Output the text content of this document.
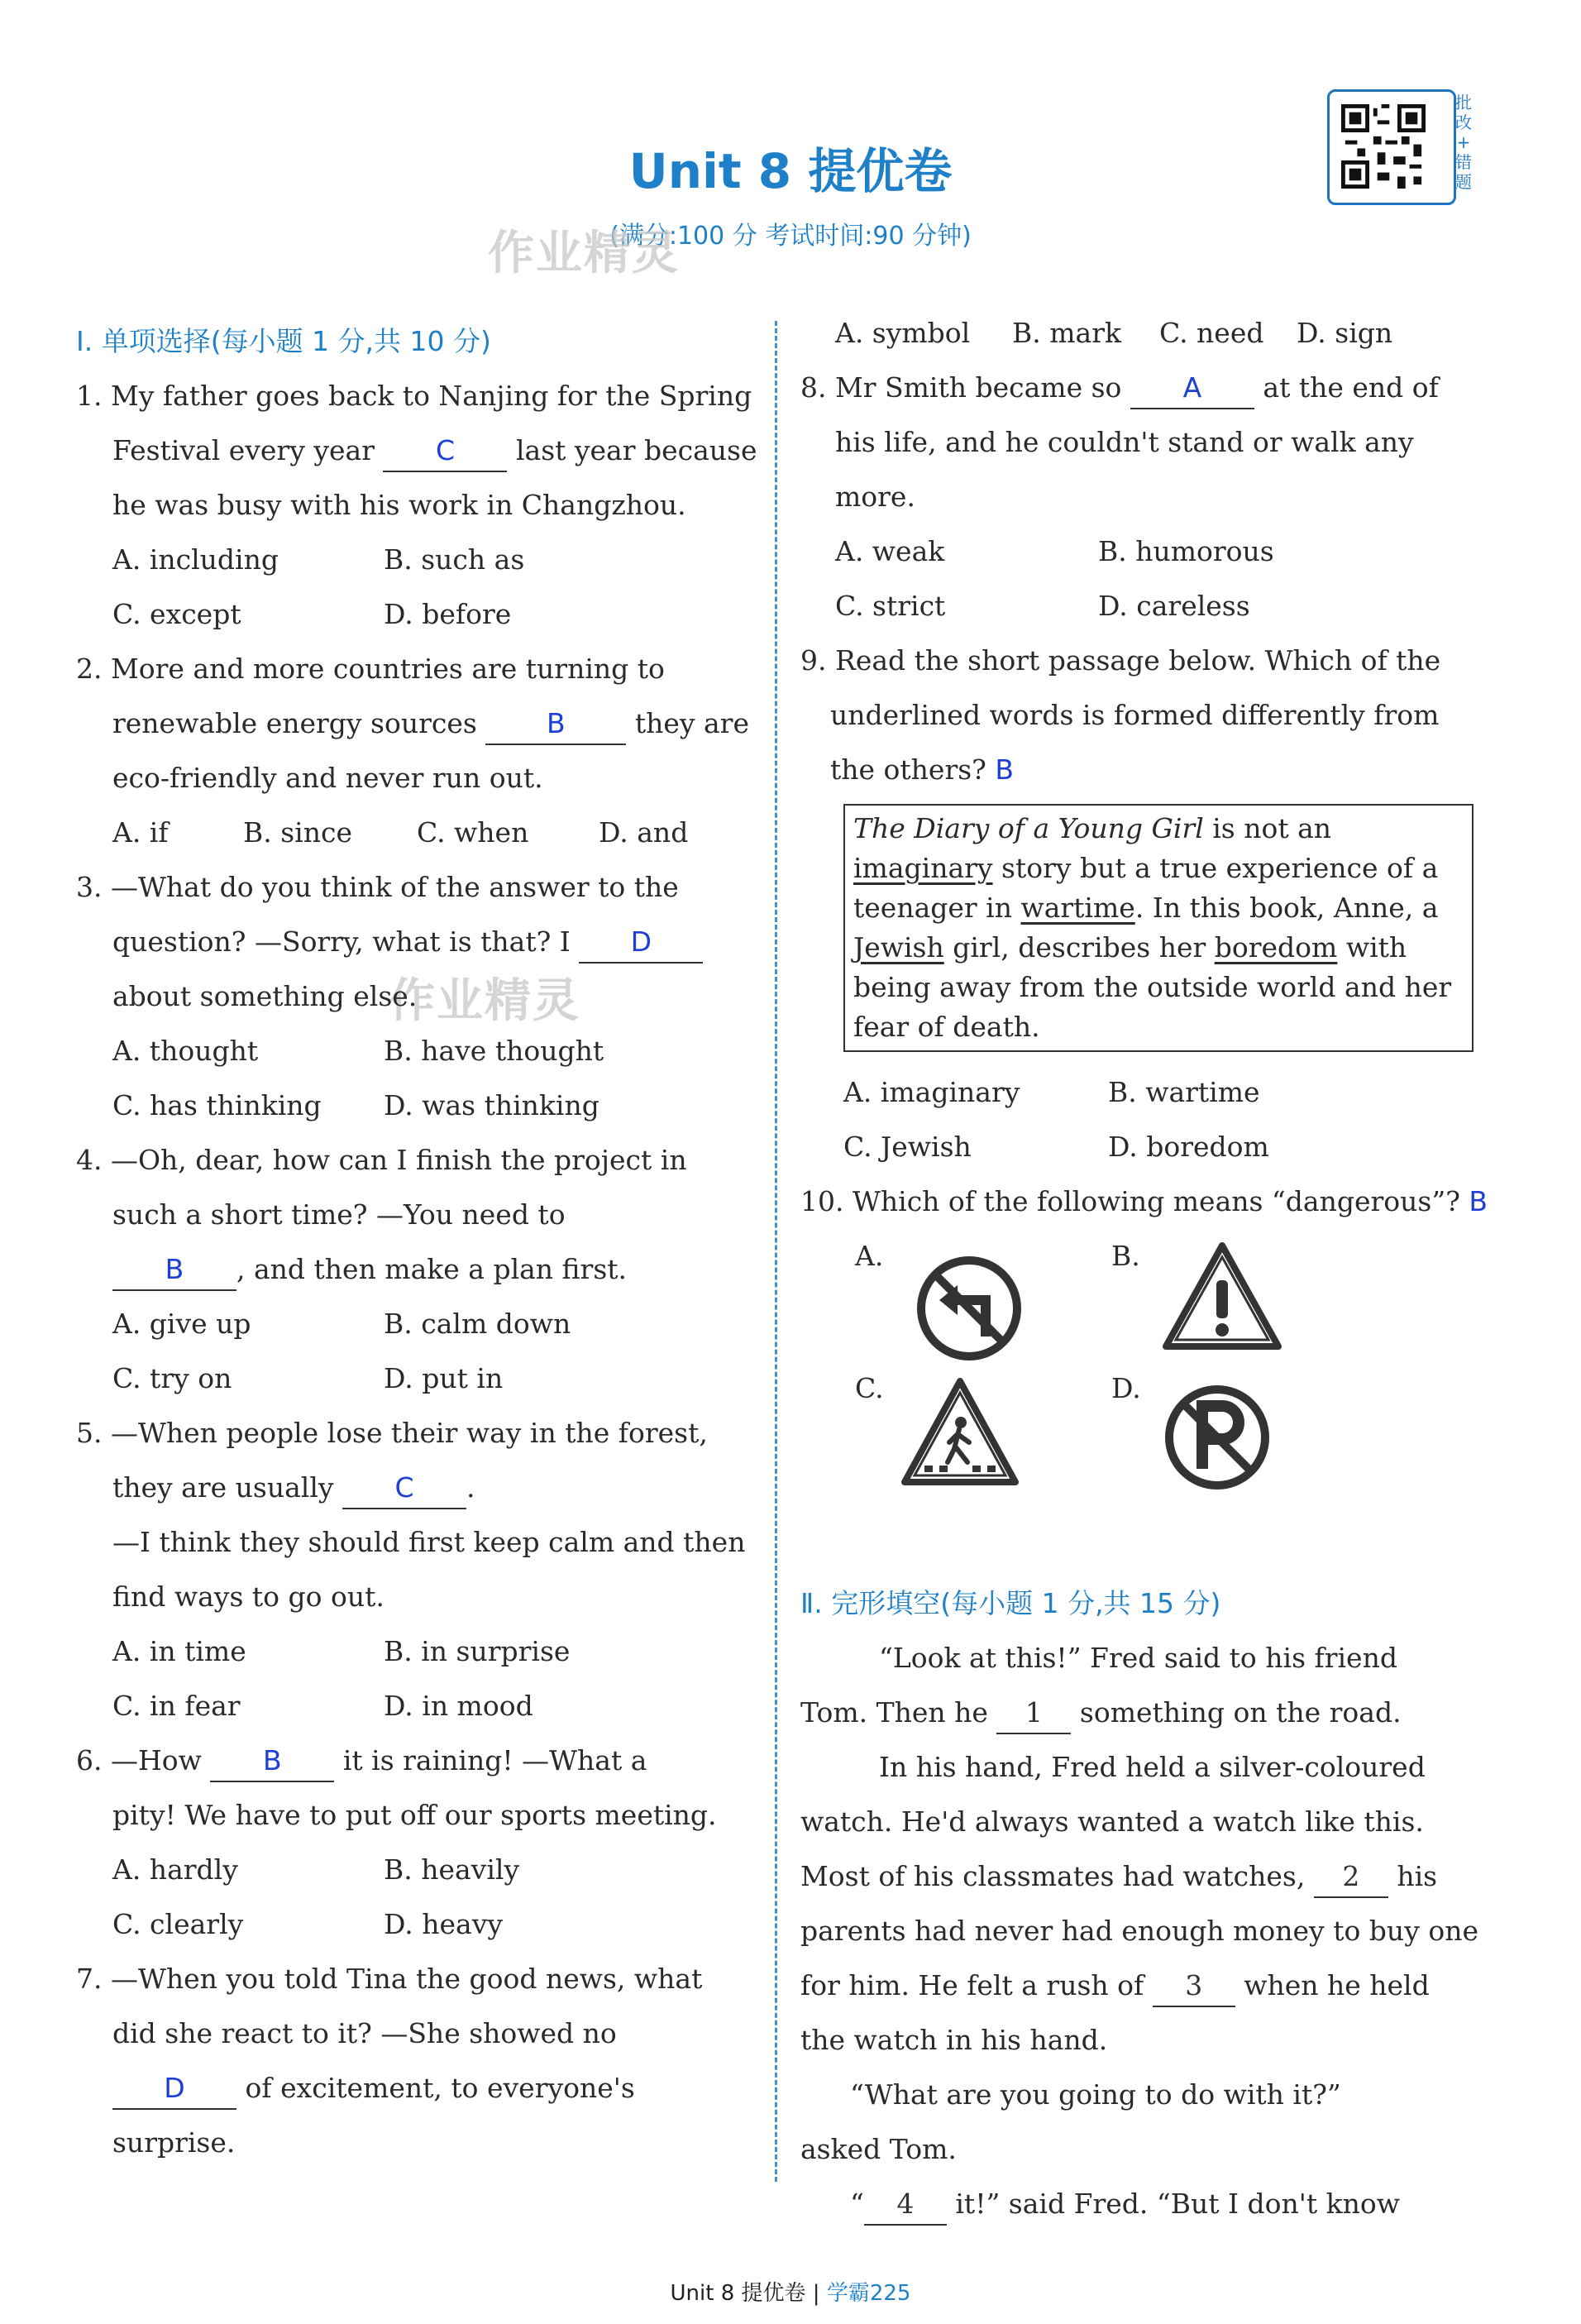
批
改
+
错
题
Unit 8 提优卷
(满分:100 分 考试时间:90 分钟)
作业精灵
作业精灵
Ⅰ. 单项选择(每小题 1 分,共 10 分)
1. My father goes back to Nanjing for the Spring
Festival every year C last year because
he was busy with his work in Changzhou.
A. including	B. such as
C. except	D. before
2. More and more countries are turning to
renewable energy sources	B	they are
eco-friendly and never run out.
A. if	B. since C. when	D. and
3. —What do you think of the answer to the
question? —Sorry, what is that? I D
about something else.
A. thought	B. have thought
C. has thinking D. was thinking
4. —Oh, dear, how can I finish the project in
such a short time? —You need to
B , and then make a plan first.
A. give up	B. calm down
C. try on	D. put in
5. —When people lose their way in the forest,
they are usually C .
—I think they should first keep calm and then
find ways to go out.
A. in time	B. in surprise
C. in fear	D. in mood
6. —How B it is raining! —What a
pity! We have to put off our sports meeting.
A. hardly	B. heavily
C. clearly	D. heavy
7. —When you told Tina the good news, what
did she react to it? —She showed no
D of excitement, to everyone's
surprise.
A. symbol B. mark C. need D. sign
8. Mr Smith became so A at the end of
his life, and he couldn't stand or walk any
more.
A. weak	B. humorous
C. strict	D. careless
9. Read the short passage below. Which of the
underlined words is formed differently from
the others? B
The Diary of a Young Girl is not an
imaginary story but a true experience of a
teenager in wartime. In this book, Anne, a
Jewish girl, describes her boredom with
being away from the outside world and her
fear of death.
A. imaginary	B. wartime
C. Jewish	D. boredom
10. Which of the following means “dangerous”? B
A.	B.
C.	D.
Ⅱ. 完形填空(每小题 1 分,共 15 分)
“Look at this!” Fred said to his friend
Tom. Then he 1 something on the road.
In his hand, Fred held a silver-coloured
watch. He'd always wanted a watch like this.
Most of his classmates had watches, 2 his
parents had never had enough money to buy one
for him. He felt a rush of 3 when he held
the watch in his hand.
“What are you going to do with it?”
asked Tom.
“ 4 it!” said Fred. “But I don't know
Unit 8 提优卷 | 学霸225
